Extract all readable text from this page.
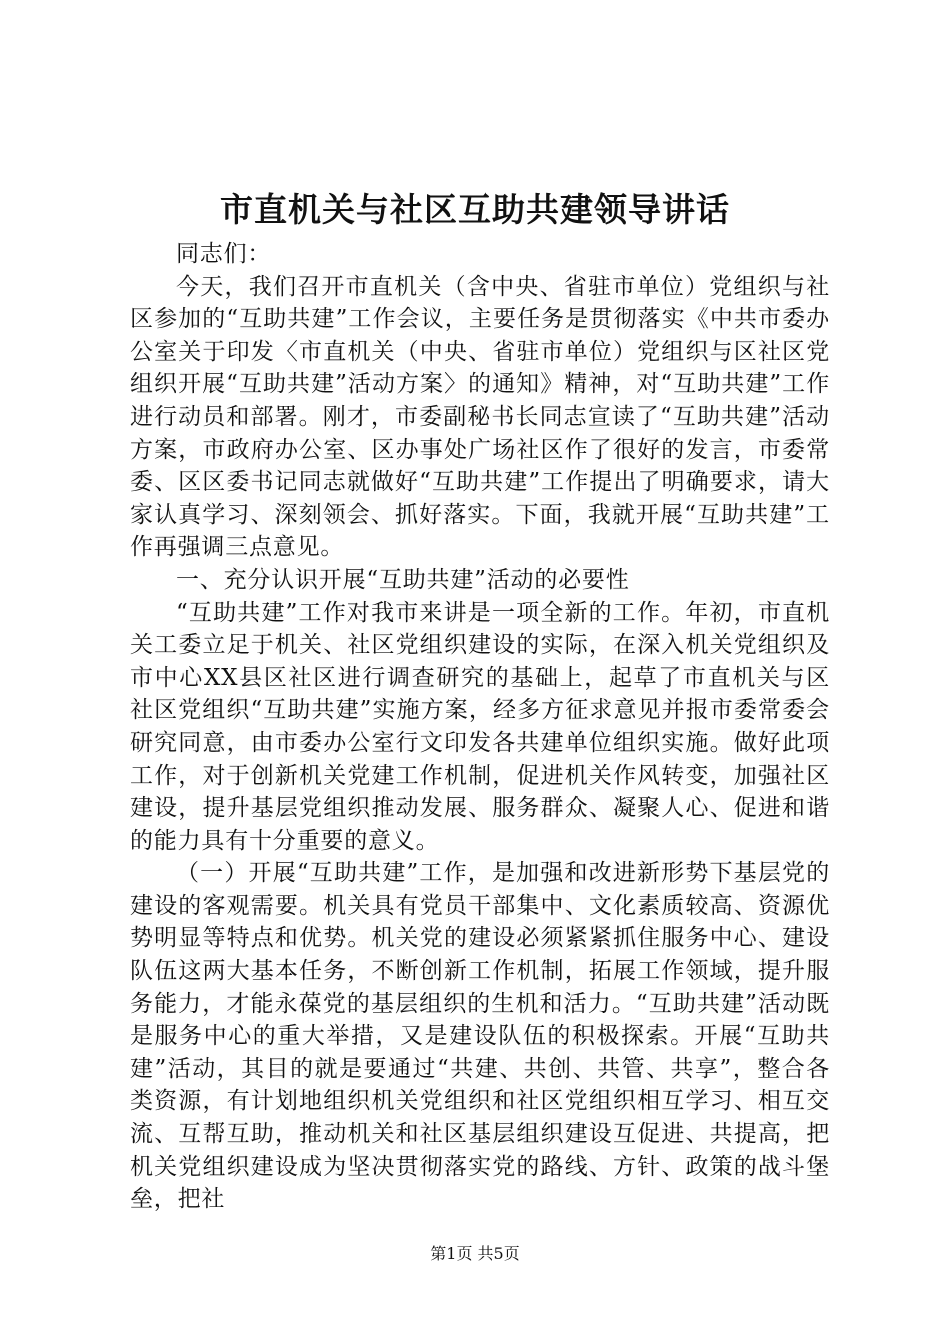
市直机关与社区互助共建领导讲话

同志们：

今天，我们召开市直机关（含中央、省驻市单位）党组织与社区参加的“互助共建”工作会议，主要任务是贯彻落实《中共市委办公室关于印发〈市直机关（中央、省驻市单位）党组织与区社区党组织开展“互助共建”活动方案〉的通知》精神，对“互助共建”工作进行动员和部署。刚才，市委副秘书长同志宣读了“互助共建”活动方案，市政府办公室、区办事处广场社区作了很好的发言，市委常委、区区委书记同志就做好“互助共建”工作提出了明确要求，请大家认真学习、深刻领会、抓好落实。下面，我就开展“互助共建”工作再强调三点意见。

一、充分认识开展“互助共建”活动的必要性

“互助共建”工作对我市来讲是一项全新的工作。年初，市直机关工委立足于机关、社区党组织建设的实际，在深入机关党组织及市中心XX县区社区进行调查研究的基础上，起草了市直机关与区社区党组织“互助共建”实施方案，经多方征求意见并报市委常委会研究同意，由市委办公室行文印发各共建单位组织实施。做好此项工作，对于创新机关党建工作机制，促进机关作风转变，加强社区建设，提升基层党组织推动发展、服务群众、凝聚人心、促进和谐的能力具有十分重要的意义。

（一）开展“互助共建”工作，是加强和改进新形势下基层党的建设的客观需要。机关具有党员干部集中、文化素质较高、资源优势明显等特点和优势。机关党的建设必须紧紧抓住服务中心、建设队伍这两大基本任务，不断创新工作机制，拓展工作领域，提升服务能力，才能永葆党的基层组织的生机和活力。“互助共建”活动既是服务中心的重大举措，又是建设队伍的积极探索。开展“互助共建”活动，其目的就是要通过“共建、共创、共管、共享”，整合各类资源，有计划地组织机关党组织和社区党组织相互学习、相互交流、互帮互助，推动机关和社区基层组织建设互促进、共提高，把机关党组织建设成为坚决贯彻落实党的路线、方针、政策的战斗堡垒，把社

第1页 共5页
